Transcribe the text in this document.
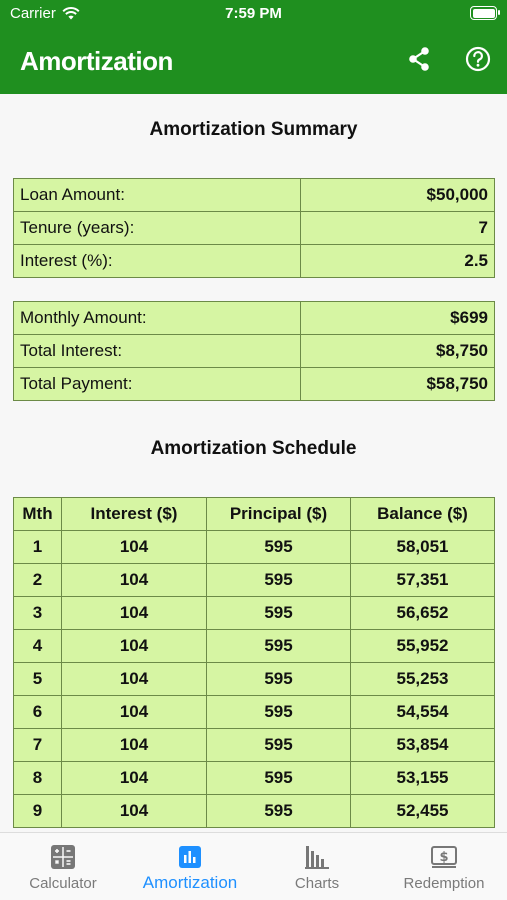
Carrier	7:59 PM
Amortization
Amortization Summary
Loan Amount:	$50,000
Tenure (years):	7
Interest (%):	2.5
Monthly Amount:	$699
Total Interest:	$8,750
Total Payment:	$58,750
Amortization Schedule
Mth	Interest ($)	Principal ($)	Balance ($)
1	104	595	58,051
2	104	595	57,351
3	104	595	56,652
4	104	595	55,952
5	104	595	55,253
6	104	595	54,554
7	104	595	53,854
8	104	595	53,155
9	104	595	52,455
Calculator	Amortization	Charts
$
Redemption
